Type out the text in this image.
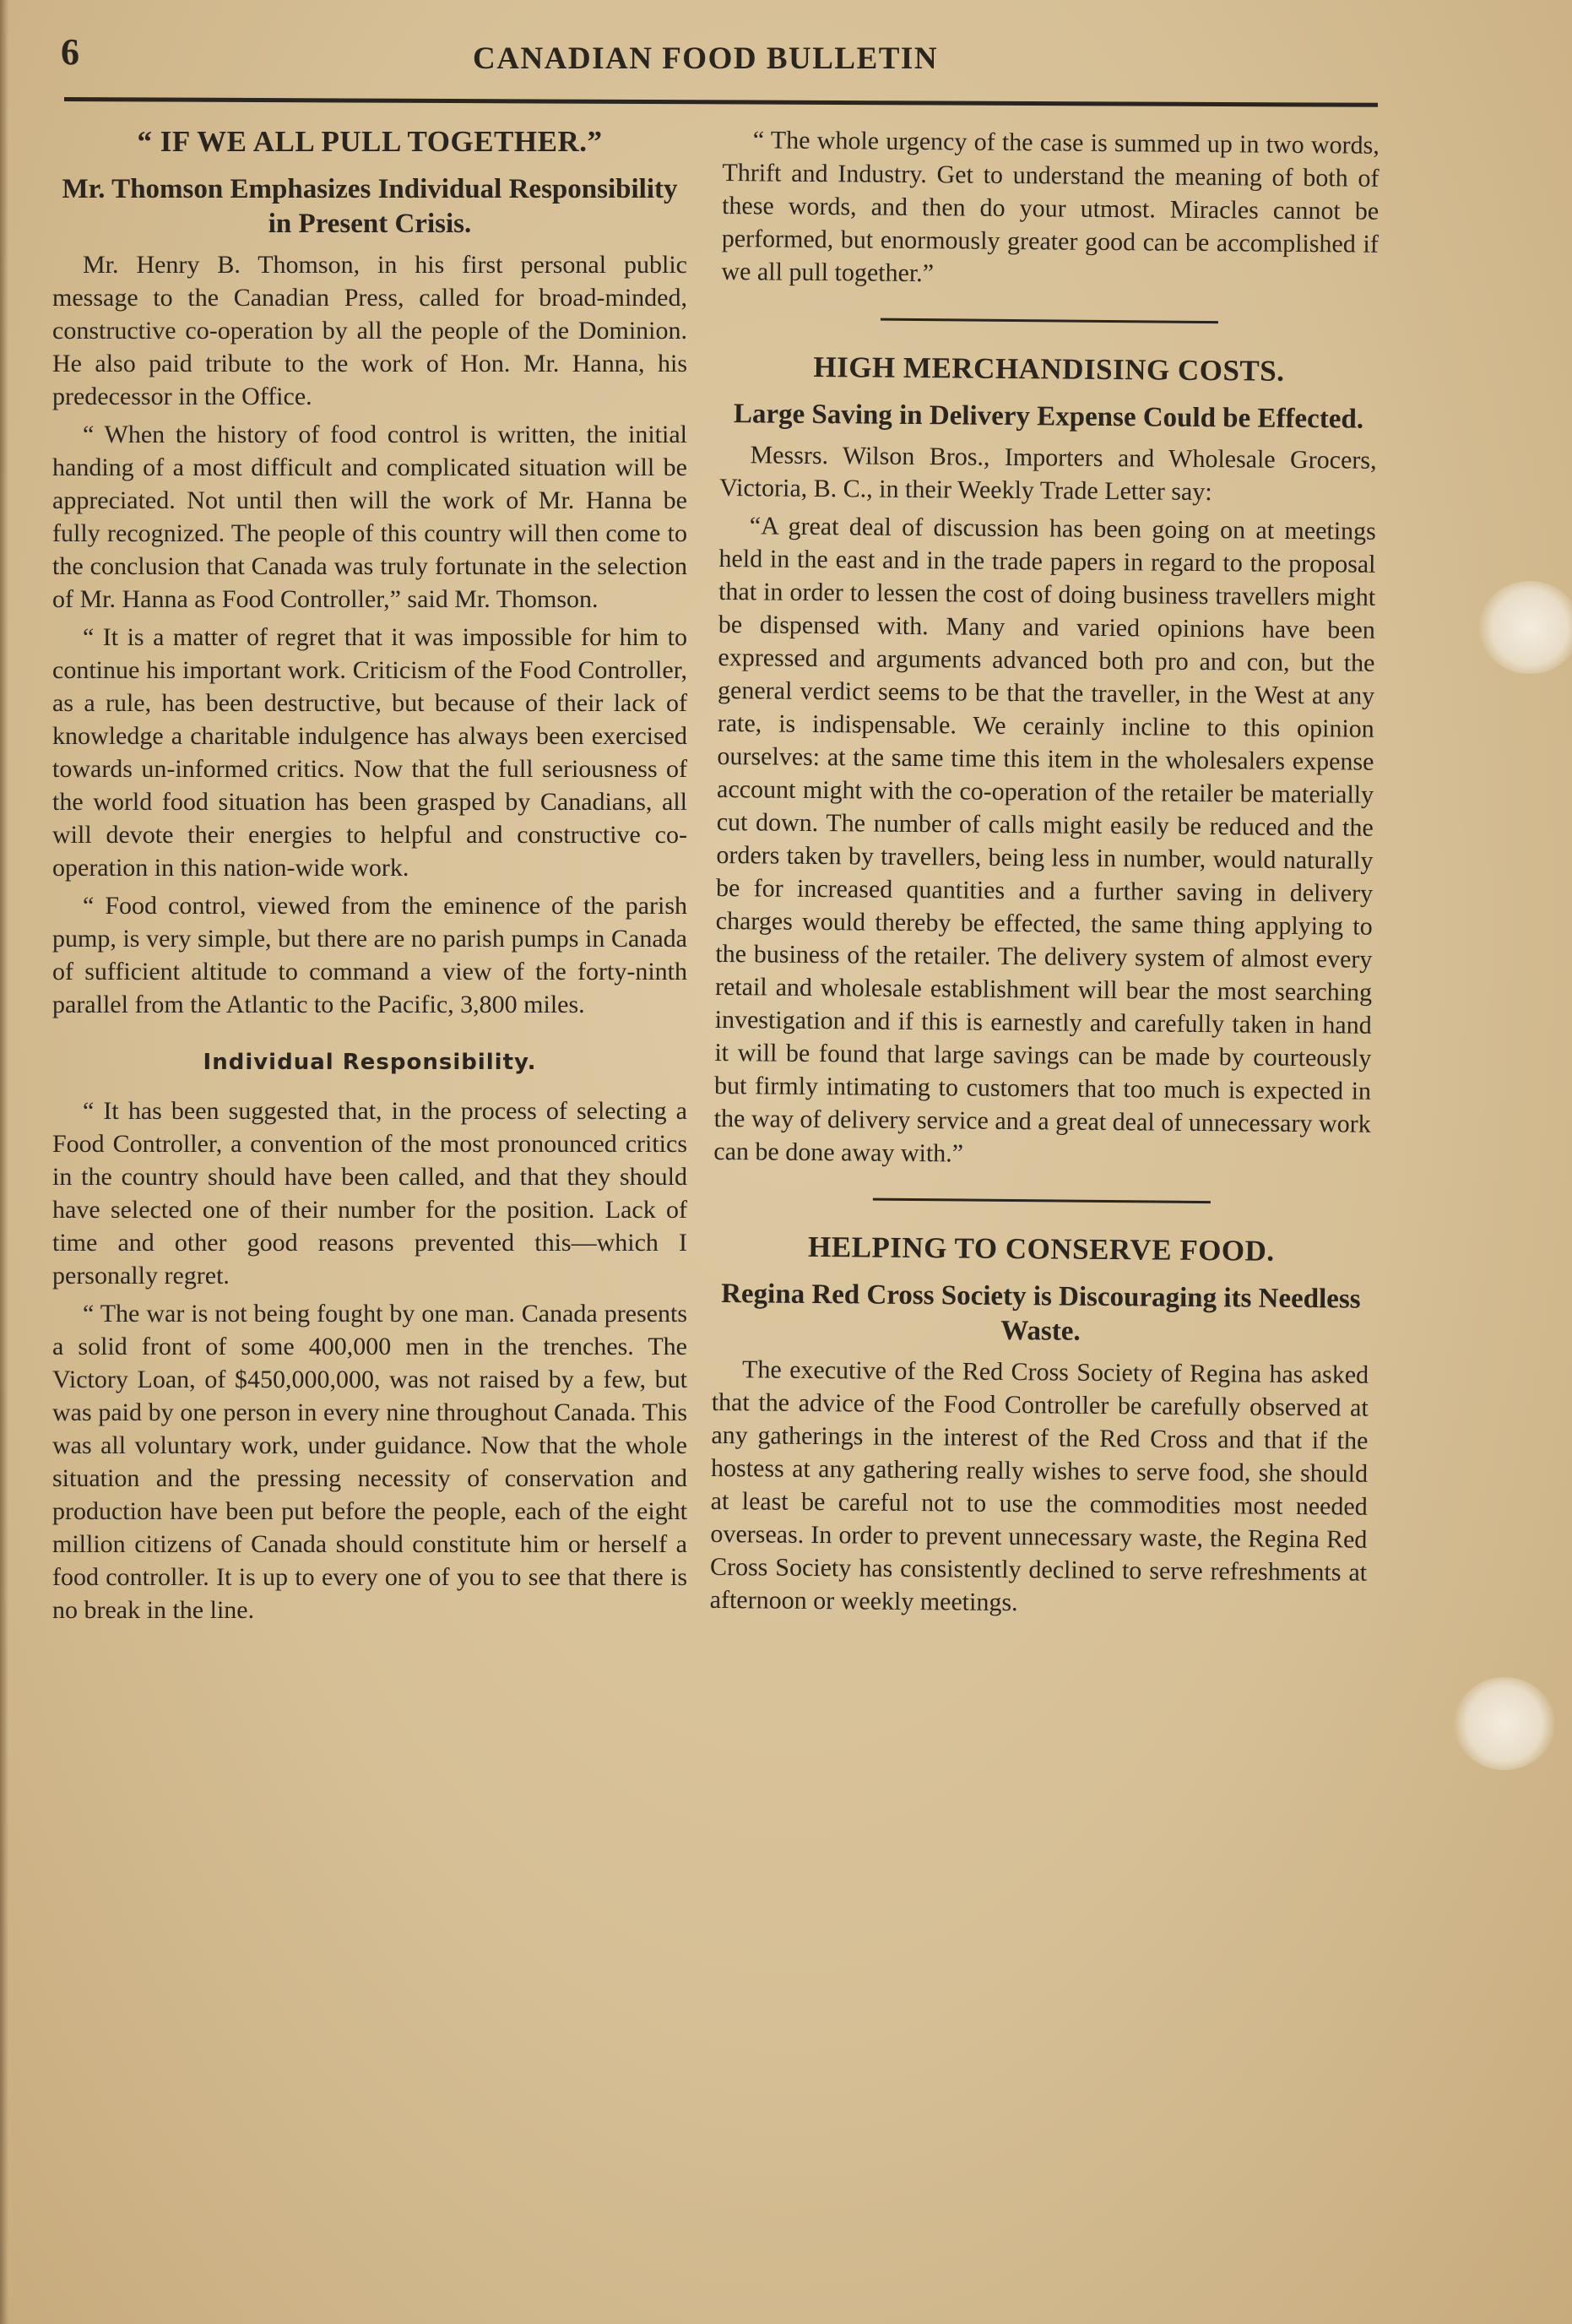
6	CANADIAN FOOD BULLETIN
“ IF WE ALL PULL TOGETHER.”
Mr. Thomson Emphasizes Individual Responsibility in Present Crisis.

Mr. Henry B. Thomson, in his first personal public message to the Canadian Press, called for broad-minded, constructive co-operation by all the people of the Dominion. He also paid tribute to the work of Hon. Mr. Hanna, his predecessor in the Office.

“ When the history of food control is written, the initial handing of a most difficult and complicated situation will be appreciated. Not until then will the work of Mr. Hanna be fully recognized. The people of this country will then come to the conclusion that Canada was truly fortunate in the selection of Mr. Hanna as Food Controller,” said Mr. Thomson.

“ It is a matter of regret that it was impossible for him to continue his important work. Criticism of the Food Controller, as a rule, has been destructive, but because of their lack of knowledge a charitable indulgence has always been exercised towards un-informed critics. Now that the full seriousness of the world food situation has been grasped by Canadians, all will devote their energies to helpful and constructive co-operation in this nation-wide work.

“ Food control, viewed from the eminence of the parish pump, is very simple, but there are no parish pumps in Canada of sufficient altitude to command a view of the forty-ninth parallel from the Atlantic to the Pacific, 3,800 miles.

Individual Responsibility.

“ It has been suggested that, in the process of selecting a Food Controller, a convention of the most pronounced critics in the country should have been called, and that they should have selected one of their number for the position. Lack of time and other good reasons prevented this—which I personally regret.

“ The war is not being fought by one man. Canada presents a solid front of some 400,000 men in the trenches. The Victory Loan, of $450,000,000, was not raised by a few, but was paid by one person in every nine throughout Canada. This was all voluntary work, under guidance. Now that the whole situation and the pressing necessity of conservation and production have been put before the people, each of the eight million citizens of Canada should constitute him or herself a food controller. It is up to every one of you to see that there is no break in the line.

“ The whole urgency of the case is summed up in two words, Thrift and Industry. Get to understand the meaning of both of these words, and then do your utmost. Miracles cannot be performed, but enormously greater good can be accomplished if we all pull together.”

HIGH MERCHANDISING COSTS.
Large Saving in Delivery Expense Could be Effected.

Messrs. Wilson Bros., Importers and Wholesale Grocers, Victoria, B. C., in their Weekly Trade Letter say:

“A great deal of discussion has been going on at meetings held in the east and in the trade papers in regard to the proposal that in order to lessen the cost of doing business travellers might be dispensed with. Many and varied opinions have been expressed and arguments advanced both pro and con, but the general verdict seems to be that the traveller, in the West at any rate, is indispensable. We cerainly incline to this opinion ourselves: at the same time this item in the wholesalers expense account might with the co-operation of the retailer be materially cut down. The number of calls might easily be reduced and the orders taken by travellers, being less in number, would naturally be for increased quantities and a further saving in delivery charges would thereby be effected, the same thing applying to the business of the retailer. The delivery system of almost every retail and wholesale establishment will bear the most searching investigation and if this is earnestly and carefully taken in hand it will be found that large savings can be made by courteously but firmly intimating to customers that too much is expected in the way of delivery service and a great deal of unnecessary work can be done away with.”

HELPING TO CONSERVE FOOD.
Regina Red Cross Society is Discouraging its Needless Waste.

The executive of the Red Cross Society of Regina has asked that the advice of the Food Controller be carefully observed at any gatherings in the interest of the Red Cross and that if the hostess at any gathering really wishes to serve food, she should at least be careful not to use the commodities most needed overseas. In order to prevent unnecessary waste, the Regina Red Cross Society has consistently declined to serve refreshments at afternoon or weekly meetings.
